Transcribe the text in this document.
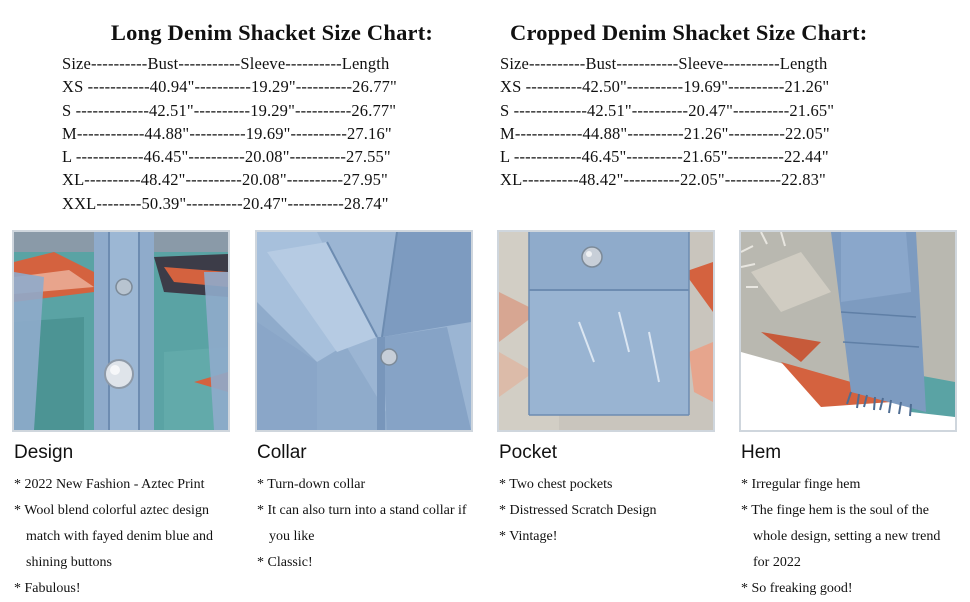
Long Denim Shacket Size Chart:
Size----------Bust-----------Sleeve----------Length
XS -----------40.94"----------19.29"----------26.77"
S -------------42.51"----------19.29"----------26.77"
M------------44.88"----------19.69"----------27.16"
L ------------46.45"----------20.08"----------27.55"
XL----------48.42"----------20.08"----------27.95"
XXL--------50.39"----------20.47"----------28.74"
Cropped Denim Shacket Size Chart:
Size----------Bust-----------Sleeve----------Length
XS ----------42.50"----------19.69"----------21.26"
S -------------42.51"----------20.47"----------21.65"
M------------44.88"----------21.26"----------22.05"
L ------------46.45"----------21.65"----------22.44"
XL----------48.42"----------22.05"----------22.83"
Design
* 2022 New Fashion - Aztec Print
* Wool blend colorful aztec design match with fayed denim blue and shining buttons
* Fabulous!
Collar
* Turn-down collar
* It can also turn into a stand collar if you like
* Classic!
Pocket
* Two chest pockets
* Distressed Scratch Design
* Vintage!
Hem
* Irregular finge hem
* The finge hem is the soul of the whole design, setting a new trend for 2022
* So freaking good!
